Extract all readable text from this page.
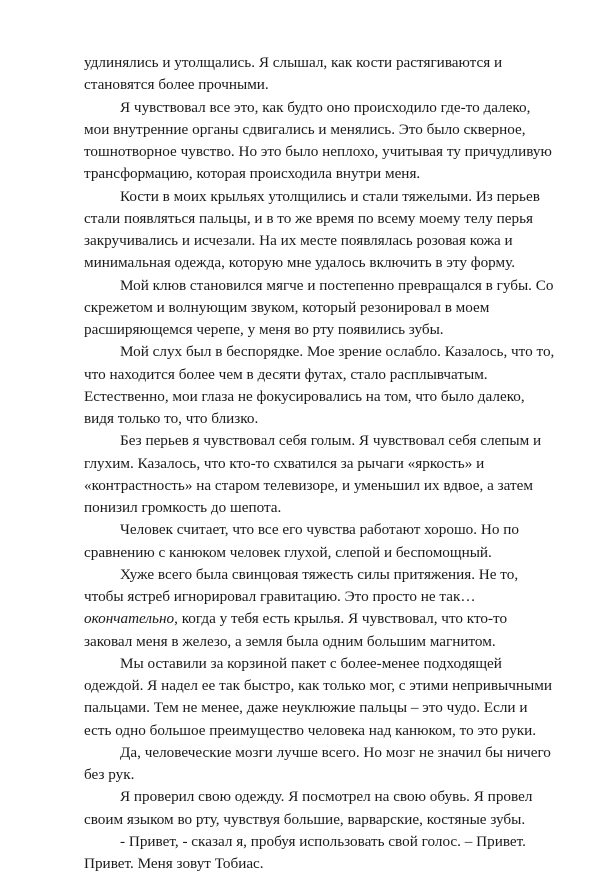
удлинялись и утолщались. Я слышал, как кости растягиваются и становятся более прочными.

Я чувствовал все это, как будто оно происходило где-то далеко, мои внутренние органы сдвигались и менялись. Это было скверное, тошнотворное чувство. Но это было неплохо, учитывая ту причудливую трансформацию, которая происходила внутри меня.

Кости в моих крыльях утолщились и стали тяжелыми. Из перьев стали появляться пальцы, и в то же время по всему моему телу перья закручивались и исчезали. На их месте появлялась розовая кожа и минимальная одежда, которую мне удалось включить в эту форму.

Мой клюв становился мягче и постепенно превращался в губы. Со скрежетом и волнующим звуком, который резонировал в моем расширяющемся черепе, у меня во рту появились зубы.

Мой слух был в беспорядке. Мое зрение ослабло. Казалось, что то, что находится более чем в десяти футах, стало расплывчатым. Естественно, мои глаза не фокусировались на том, что было далеко, видя только то, что близко.

Без перьев я чувствовал себя голым. Я чувствовал себя слепым и глухим. Казалось, что кто-то схватился за рычаги «яркость» и «контрастность» на старом телевизоре, и уменьшил их вдвое, а затем понизил громкость до шепота.

Человек считает, что все его чувства работают хорошо. Но по сравнению с канюком человек глухой, слепой и беспомощный.

Хуже всего была свинцовая тяжесть силы притяжения. Не то, чтобы ястреб игнорировал гравитацию. Это просто не так… окончательно, когда у тебя есть крылья. Я чувствовал, что кто-то заковал меня в железо, а земля была одним большим магнитом.

Мы оставили за корзиной пакет с более-менее подходящей одеждой. Я надел ее так быстро, как только мог, с этими непривычными пальцами. Тем не менее, даже неуклюжие пальцы – это чудо. Если и есть одно большое преимущество человека над канюком, то это руки.

Да, человеческие мозги лучше всего. Но мозг не значил бы ничего без рук.

Я проверил свою одежду. Я посмотрел на свою обувь. Я провел своим языком во рту, чувствуя большие, варварские, костяные зубы.

- Привет, - сказал я, пробуя использовать свой голос. – Привет. Привет. Меня зовут Тобиас.
